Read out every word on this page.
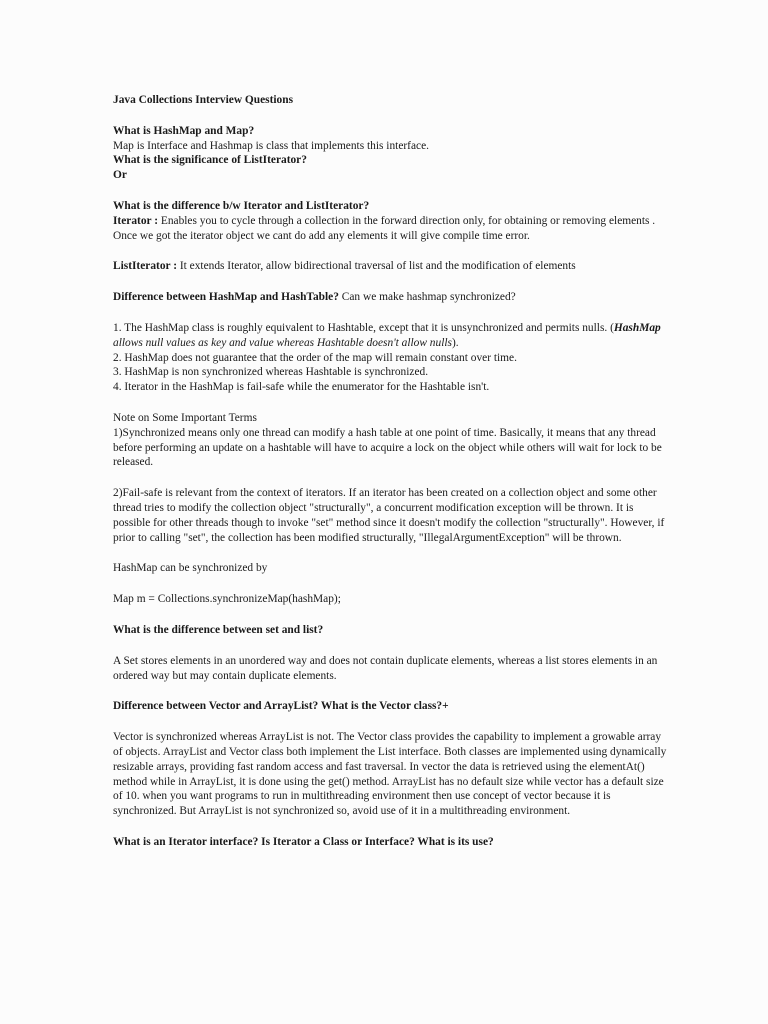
Java Collections Interview Questions

What is HashMap and Map?

Map is Interface and Hashmap is class that implements this interface.

What is the significance of ListIterator?

Or

What is the difference b/w Iterator and ListIterator?

Iterator : Enables you to cycle through a collection in the forward direction only, for obtaining or removing elements . Once we got the iterator object we cant do add any elements it will give compile time error.

ListIterator : It extends Iterator, allow bidirectional traversal of list and the modification of elements

Difference between HashMap and HashTable? Can we make hashmap synchronized?

1. The HashMap class is roughly equivalent to Hashtable, except that it is unsynchronized and permits nulls. (HashMap allows null values as key and value whereas Hashtable doesn't allow nulls).

2. HashMap does not guarantee that the order of the map will remain constant over time.

3. HashMap is non synchronized whereas Hashtable is synchronized.

4. Iterator in the HashMap is fail-safe while the enumerator for the Hashtable isn't.

Note on Some Important Terms

1)Synchronized means only one thread can modify a hash table at one point of time. Basically, it means that any thread before performing an update on a hashtable will have to acquire a lock on the object while others will wait for lock to be released.

2)Fail-safe is relevant from the context of iterators. If an iterator has been created on a collection object and some other thread tries to modify the collection object "structurally", a concurrent modification exception will be thrown. It is possible for other threads though to invoke "set" method since it doesn't modify the collection "structurally". However, if prior to calling "set", the collection has been modified structurally, "IllegalArgumentException" will be thrown.

HashMap can be synchronized by

Map m = Collections.synchronizeMap(hashMap);

What is the difference between set and list?

A Set stores elements in an unordered way and does not contain duplicate elements, whereas a list stores elements in an ordered way but may contain duplicate elements.

Difference between Vector and ArrayList? What is the Vector class?+

Vector is synchronized whereas ArrayList is not. The Vector class provides the capability to implement a growable array of objects. ArrayList and Vector class both implement the List interface. Both classes are implemented using dynamically resizable arrays, providing fast random access and fast traversal. In vector the data is retrieved using the elementAt() method while in ArrayList, it is done using the get() method. ArrayList has no default size while vector has a default size of 10. when you want programs to run in multithreading environment then use concept of vector because it is synchronized. But ArrayList is not synchronized so, avoid use of it in a multithreading environment.

What is an Iterator interface? Is Iterator a Class or Interface? What is its use?
